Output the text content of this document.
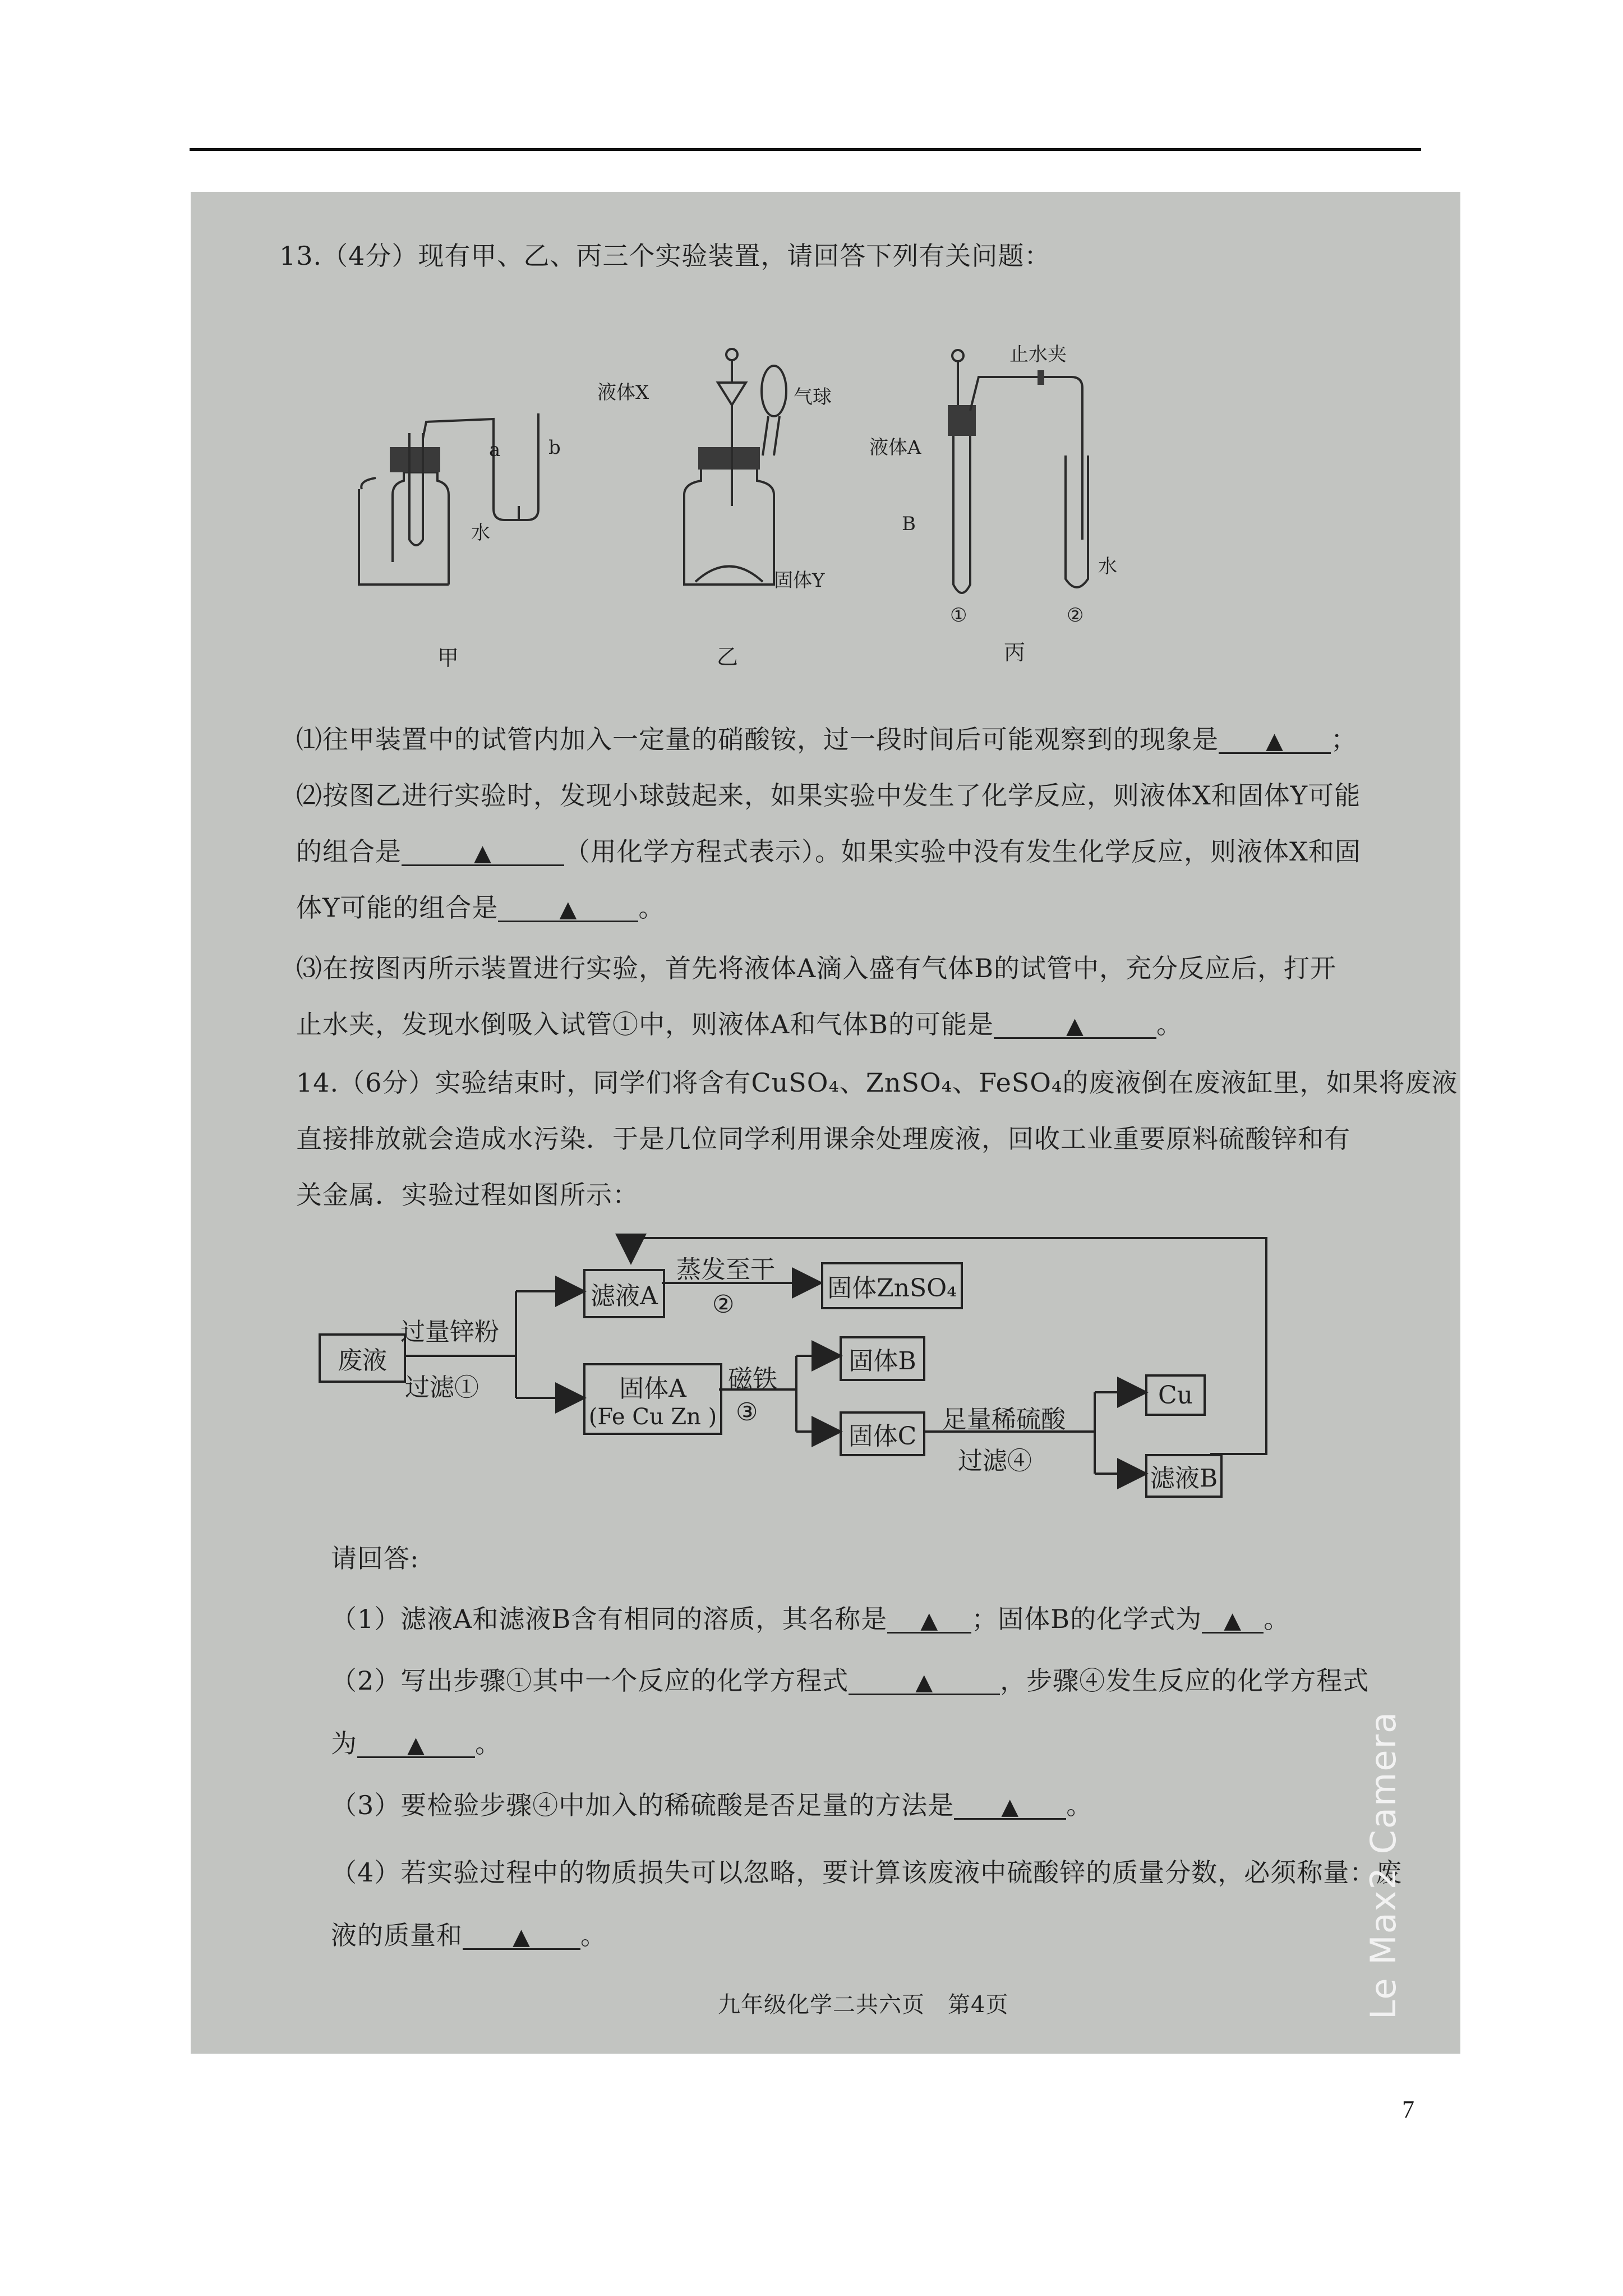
13.（4分）现有甲、乙、丙三个实验装置，请回答下列有关问题：
a	b
水
甲
液体X	气球
固体Y
乙
止水夹
液体A
B
水
①	②
丙
⑴往甲装置中的试管内加入一定量的硝酸铵，过一段时间后可能观察到的现象是 ▲ ；
⑵按图乙进行实验时，发现小球鼓起来，如果实验中发生了化学反应，则液体X和固体Y可能
的组合是	▲	（用化学方程式表示）。如果实验中没有发生化学反应，则液体X和固
体Y可能的组合是	▲ 。
⑶在按图丙所示装置进行实验，首先将液体A滴入盛有气体B的试管中，充分反应后，打开
止水夹，发现水倒吸入试管①中，则液体A和气体B的可能是	▲	。
14.（6分）实验结束时，同学们将含有CuSO₄、ZnSO₄、FeSO₄的废液倒在废液缸里，如果将废液
直接排放就会造成水污染．于是几位同学利用课余处理废液，回收工业重要原料硫酸锌和有
关金属．实验过程如图所示：
废液
滤液A	固体ZnSO₄
固体A
(Fe Cu Zn )
固体B
固体C
Cu
滤液B
过量锌粉
过滤①
蒸发至干
②
磁铁
③	足量稀硫酸
过滤④
请回答:
（1）滤液A和滤液B含有相同的溶质，其名称是 ▲ ；固体B的化学式为 ▲ 。
（2）写出步骤①其中一个反应的化学方程式	▲	，步骤④发生反应的化学方程式
为 ▲ 。
（3）要检验步骤④中加入的稀硫酸是否足量的方法是 ▲ 。
（4）若实验过程中的物质损失可以忽略，要计算该废液中硫酸锌的质量分数，必须称量：废
液的质量和 ▲ 。
九年级化学二共六页　第4页	Le Max2 Camera
7
